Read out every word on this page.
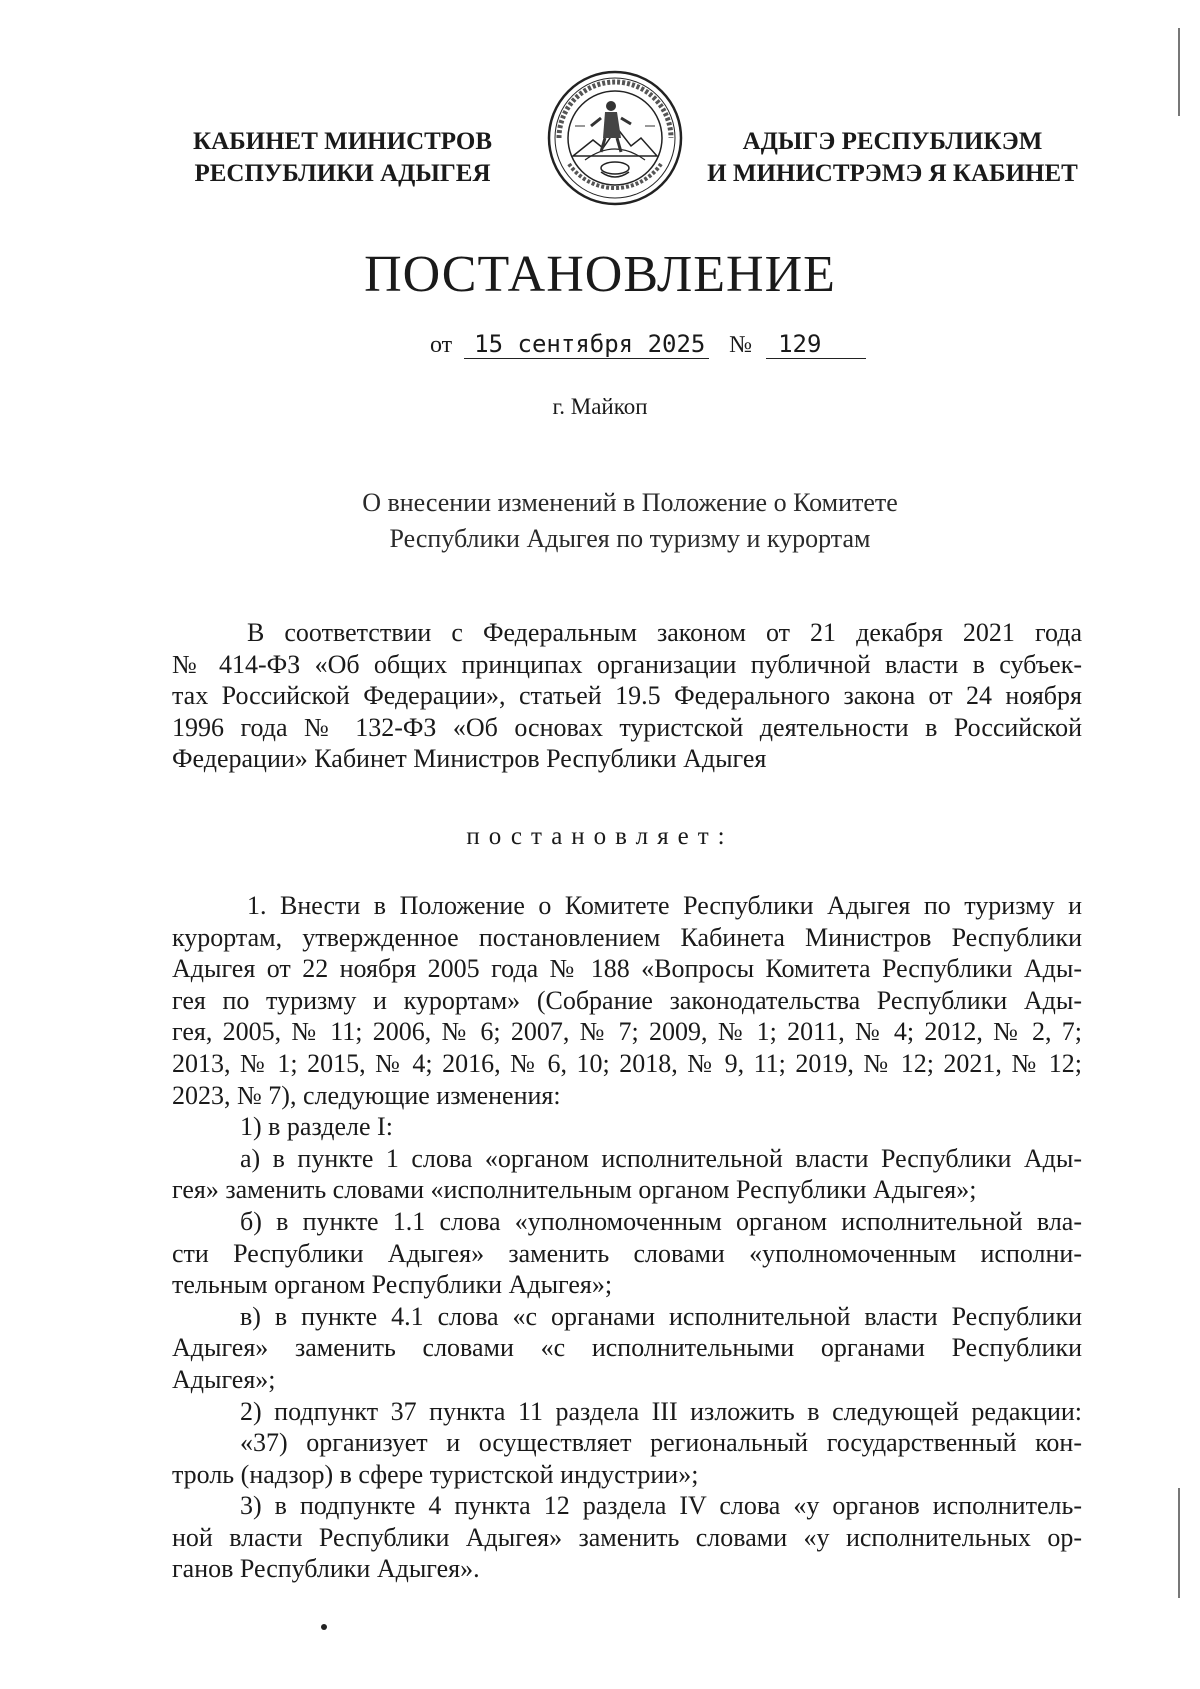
КАБИНЕТ МИНИСТРОВ
РЕСПУБЛИКИ АДЫГЕЯ
АДЫГЭ РЕСПУБЛИКЭМ
И МИНИСТРЭМЭ Я КАБИНЕТ
ПОСТАНОВЛЕНИЕ
от 15 сентября 2025 № 129
г. Майкоп
О внесении изменений в Положение о Комитете
Республики Адыгея по туризму и курортам
В соответствии с Федеральным законом от 21 декабря 2021 года
№ 414-ФЗ «Об общих принципах организации публичной власти в субъек-
тах Российской Федерации», статьей 19.5 Федерального закона от 24 ноября
1996 года № 132-ФЗ «Об основах туристской деятельности в Российской
Федерации» Кабинет Министров Республики Адыгея
постановляет:
1. Внести в Положение о Комитете Республики Адыгея по туризму и
курортам, утвержденное постановлением Кабинета Министров Республики
Адыгея от 22 ноября 2005 года № 188 «Вопросы Комитета Республики Ады-
гея по туризму и курортам» (Собрание законодательства Республики Ады-
гея, 2005, № 11; 2006, № 6; 2007, № 7; 2009, № 1; 2011, № 4; 2012, № 2, 7;
2013, № 1; 2015, № 4; 2016, № 6, 10; 2018, № 9, 11; 2019, № 12; 2021, № 12;
2023, № 7), следующие изменения:
1) в разделе I:
а) в пункте 1 слова «органом исполнительной власти Республики Ады-
гея» заменить словами «исполнительным органом Республики Адыгея»;
б) в пункте 1.1 слова «уполномоченным органом исполнительной вла-
сти Республики Адыгея» заменить словами «уполномоченным исполни-
тельным органом Республики Адыгея»;
в) в пункте 4.1 слова «с органами исполнительной власти Республики
Адыгея» заменить словами «с исполнительными органами Республики
Адыгея»;
2) подпункт 37 пункта 11 раздела III изложить в следующей редакции:
«37) организует и осуществляет региональный государственный кон-
троль (надзор) в сфере туристской индустрии»;
3) в подпункте 4 пункта 12 раздела IV слова «у органов исполнитель-
ной власти Республики Адыгея» заменить словами «у исполнительных ор-
ганов Республики Адыгея».
